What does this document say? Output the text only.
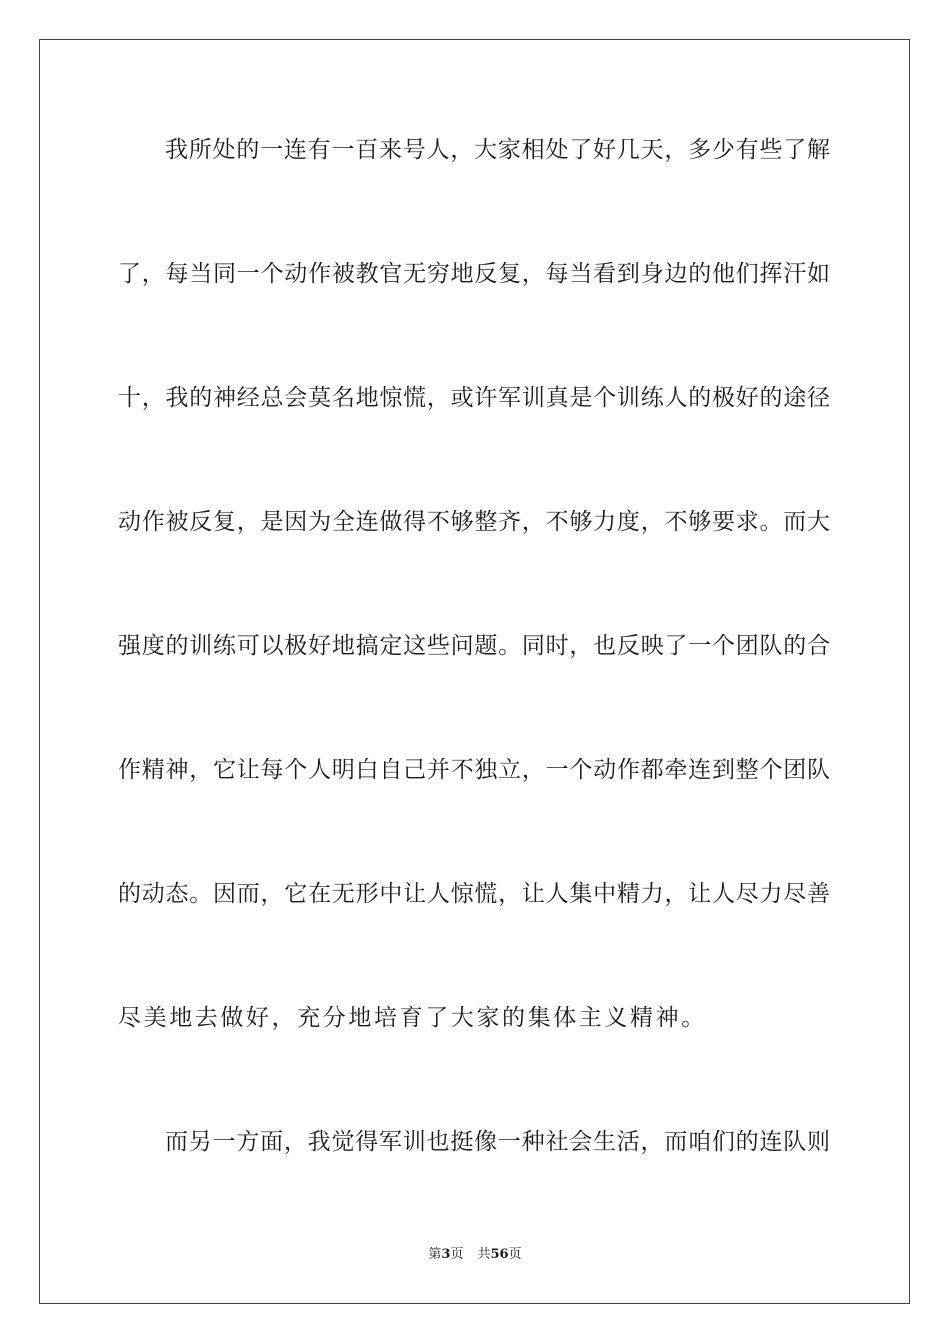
我所处的一连有一百来号人，大家相处了好几天，多少有些了解
了，每当同一个动作被教官无穷地反复，每当看到身边的他们挥汗如
十，我的神经总会莫名地惊慌，或许军训真是个训练人的极好的途径
动作被反复，是因为全连做得不够整齐，不够力度，不够要求。而大
强度的训练可以极好地搞定这些问题。同时，也反映了一个团队的合
作精神，它让每个人明白自己并不独立，一个动作都牵连到整个团队
的动态。因而，它在无形中让人惊慌，让人集中精力，让人尽力尽善
尽美地去做好，充分地培育了大家的集体主义精神。
而另一方面，我觉得军训也挺像一种社会生活，而咱们的连队则
第3页 共56页
